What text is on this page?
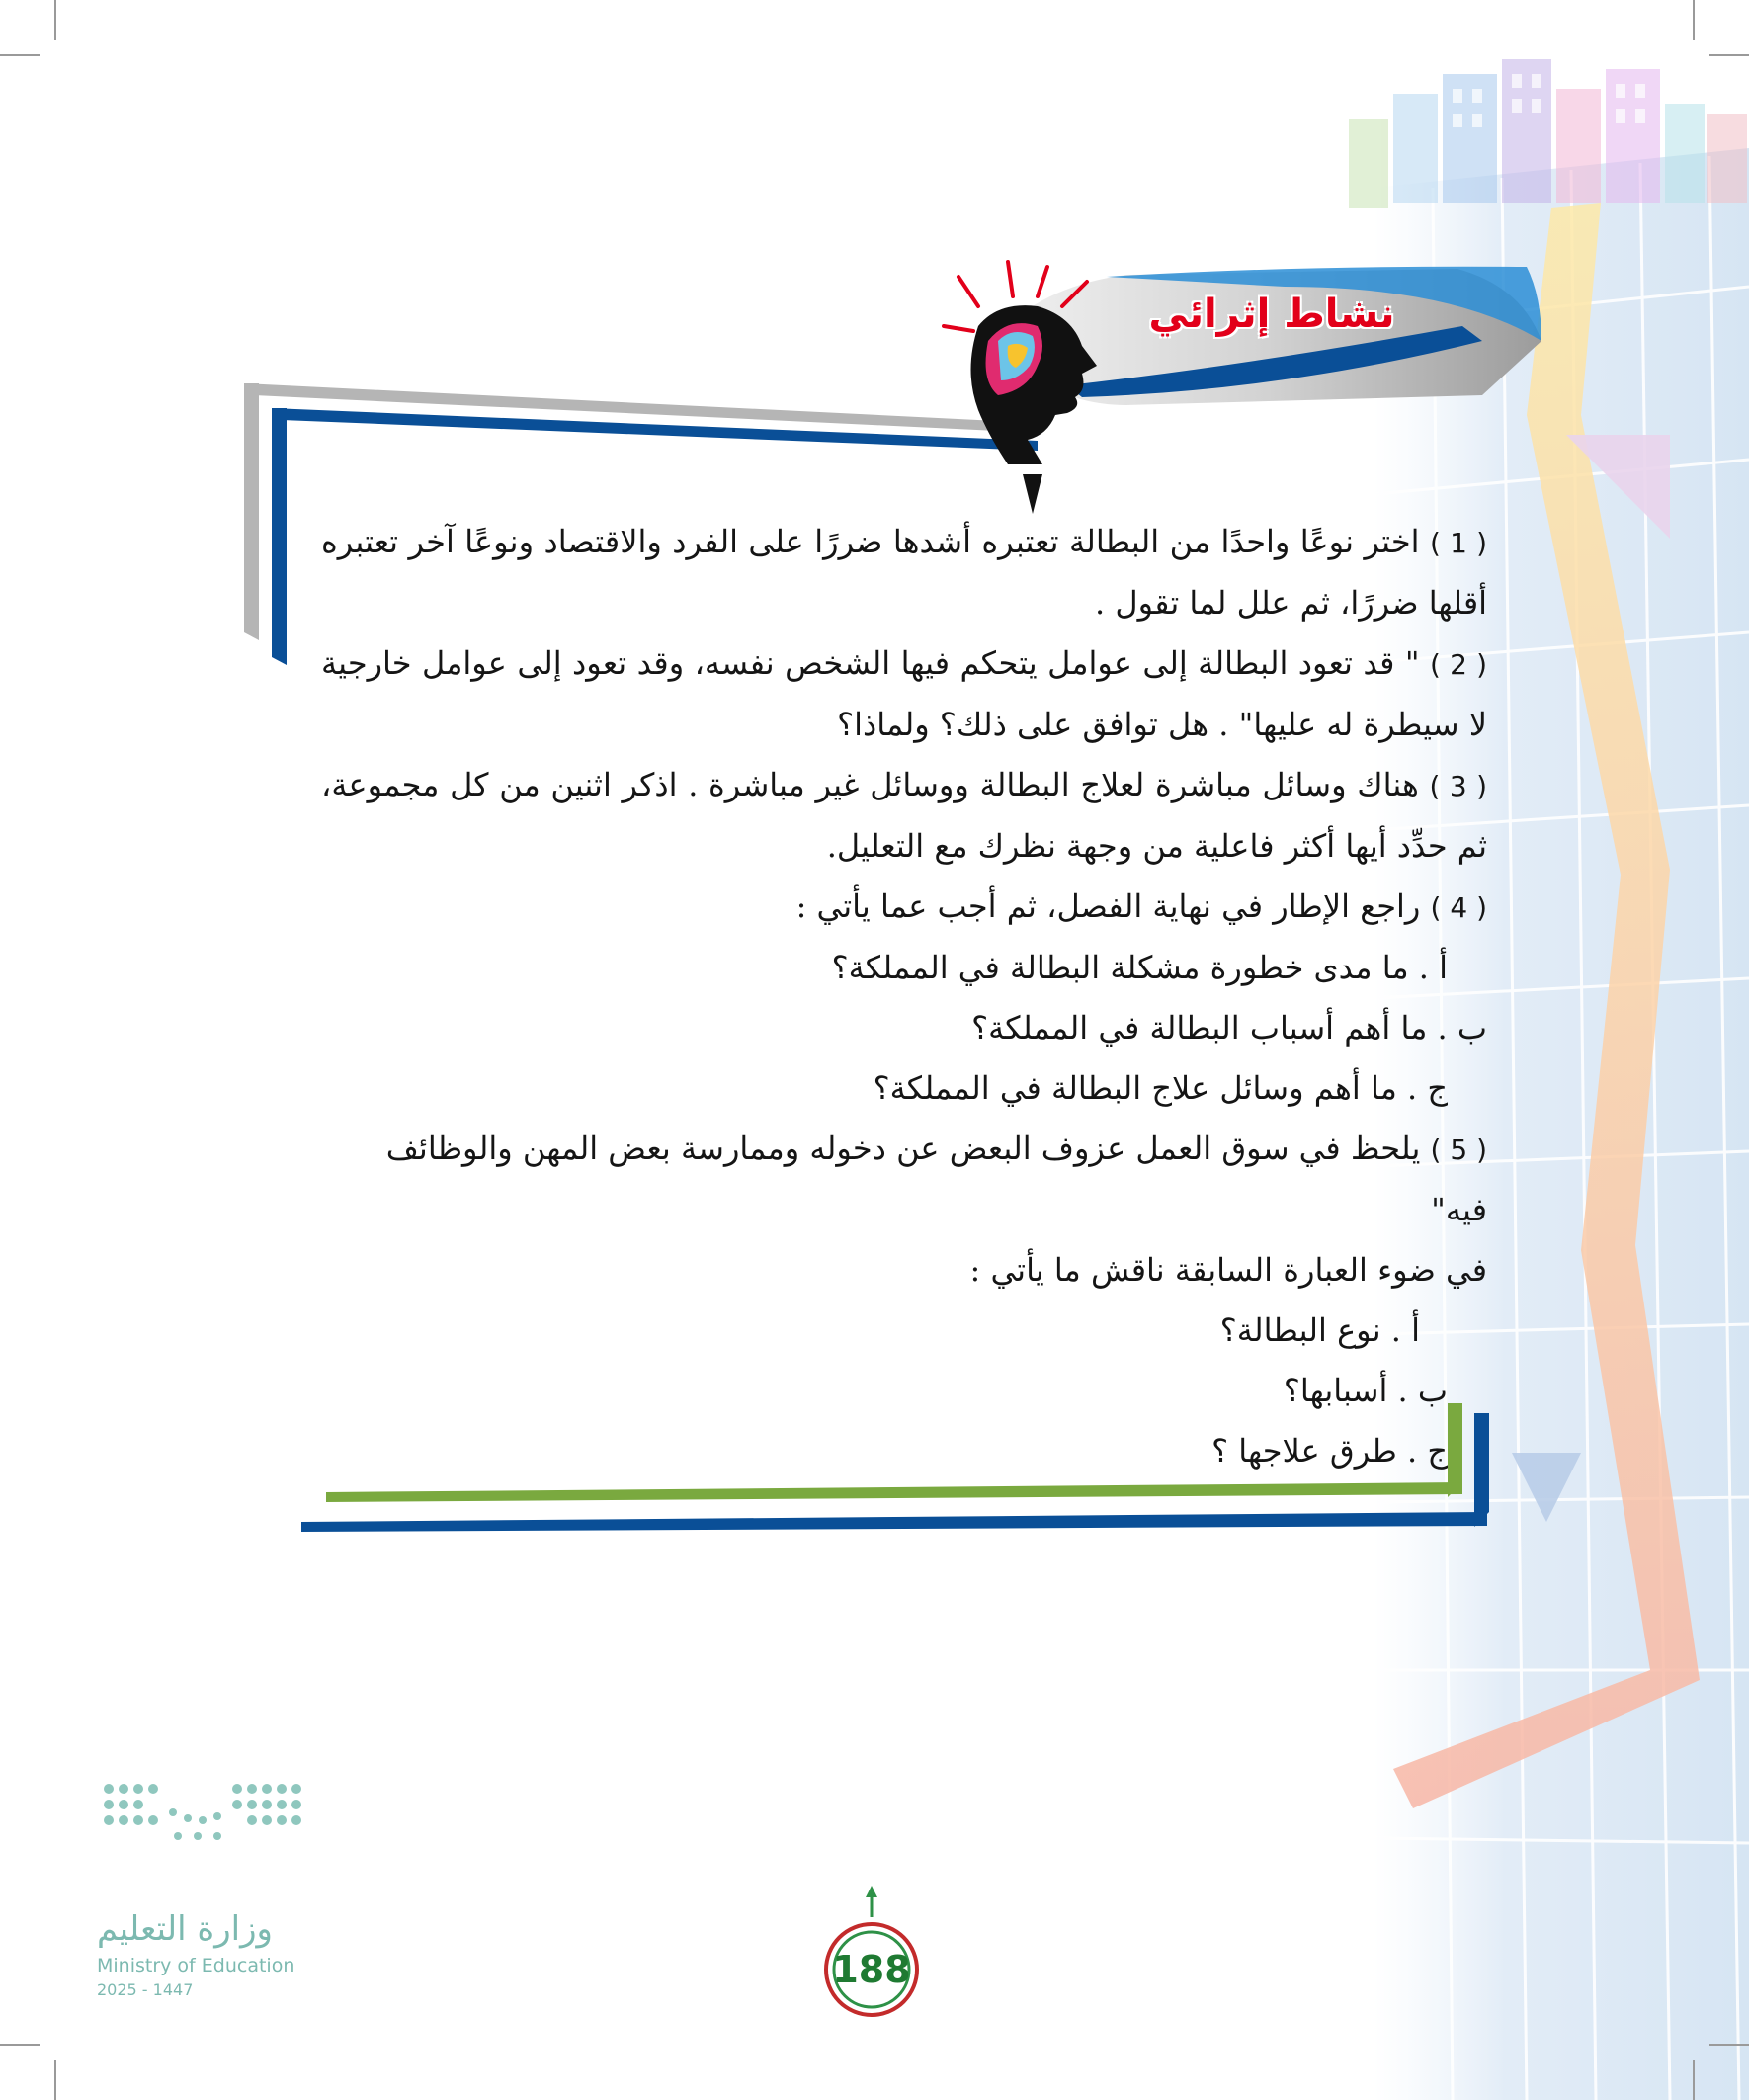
نشاط إثرائي

( 1 ) اختر نوعًا واحدًا من البطالة تعتبره أشدها ضررًا على الفرد والاقتصاد ونوعًا آخر تعتبره أقلها ضررًا، ثم علل لما تقول .

( 2 ) " قد تعود البطالة إلى عوامل يتحكم فيها الشخص نفسه، وقد تعود إلى عوامل خارجية لا سيطرة له عليها" . هل توافق على ذلك؟ ولماذا؟

( 3 ) هناك وسائل مباشرة لعلاج البطالة ووسائل غير مباشرة . اذكر اثنين من كل مجموعة، ثم حدِّد أيها أكثر فاعلية من وجهة نظرك مع التعليل.

( 4 ) راجع الإطار في نهاية الفصل، ثم أجب عما يأتي :

أ . ما مدى خطورة مشكلة البطالة في المملكة؟

ب . ما أهم أسباب البطالة في المملكة؟

ج . ما أهم وسائل علاج البطالة في المملكة؟

( 5 ) يلحظ في سوق العمل عزوف البعض عن دخوله وممارسة بعض المهن والوظائف فيه"

في ضوء العبارة السابقة ناقش ما يأتي :

أ . نوع البطالة؟

ب . أسبابها؟

ج . طرق علاجها ؟

188
وزارة التعليم
Ministry of Education
2025 - 1447
